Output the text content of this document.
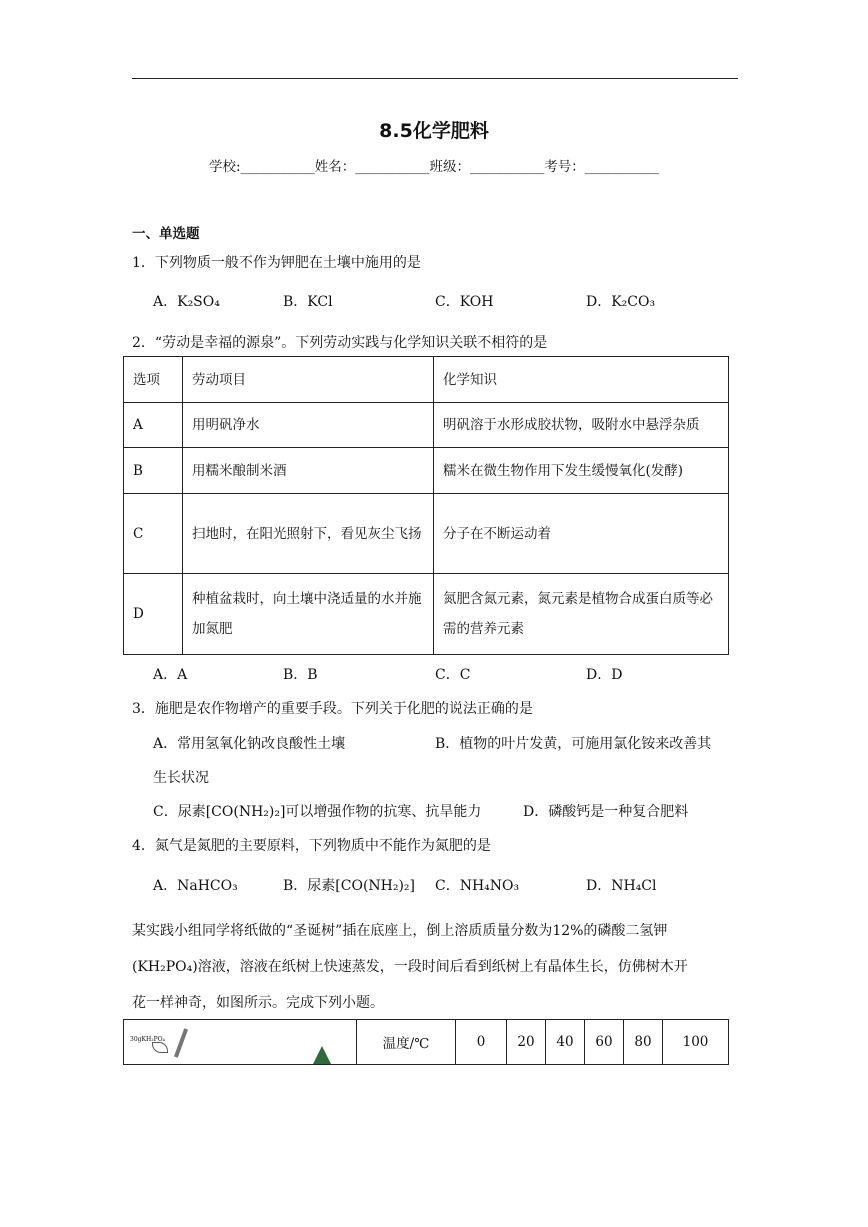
8.5化学肥料
学校:___________姓名：___________班级：___________考号：___________
一、单选题
1．下列物质一般不作为钾肥在土壤中施用的是
A．K₂SO₄	B．KCl	C．KOH	D．K₂CO₃
2．“劳动是幸福的源泉”。下列劳动实践与化学知识关联不相符的是
选项	劳动项目	化学知识
A	用明矾净水	明矾溶于水形成胶状物，吸附水中悬浮杂质
B	用糯米酿制米酒	糯米在微生物作用下发生缓慢氧化(发酵)
C	扫地时，在阳光照射下，看见灰尘飞扬	分子在不断运动着
D	种植盆栽时，向土壤中浇适量的水并施加氮肥	氮肥含氮元素，氮元素是植物合成蛋白质等必需的营养元素
A．A	B．B	C．C	D．D
3．施肥是农作物增产的重要手段。下列关于化肥的说法正确的是
A．常用氢氧化钠改良酸性土壤	B．植物的叶片发黄，可施用氯化铵来改善其
生长状况
C．尿素[CO(NH₂)₂]可以增强作物的抗寒、抗旱能力	D．磷酸钙是一种复合肥料
4．氮气是氮肥的主要原料，下列物质中不能作为氮肥的是
A．NaHCO₃	B．尿素[CO(NH₂)₂] C．NH₄NO₃	D．NH₄Cl
某实践小组同学将纸做的“圣诞树”插在底座上，倒上溶质质量分数为12%的磷酸二氢钾
(KH₂PO₄)溶液，溶液在纸树上快速蒸发，一段时间后看到纸树上有晶体生长，仿佛树木开
花一样神奇，如图所示。完成下列小题。
	温度/℃	0	20	40	60	80	100
30gKH₂PO₄
